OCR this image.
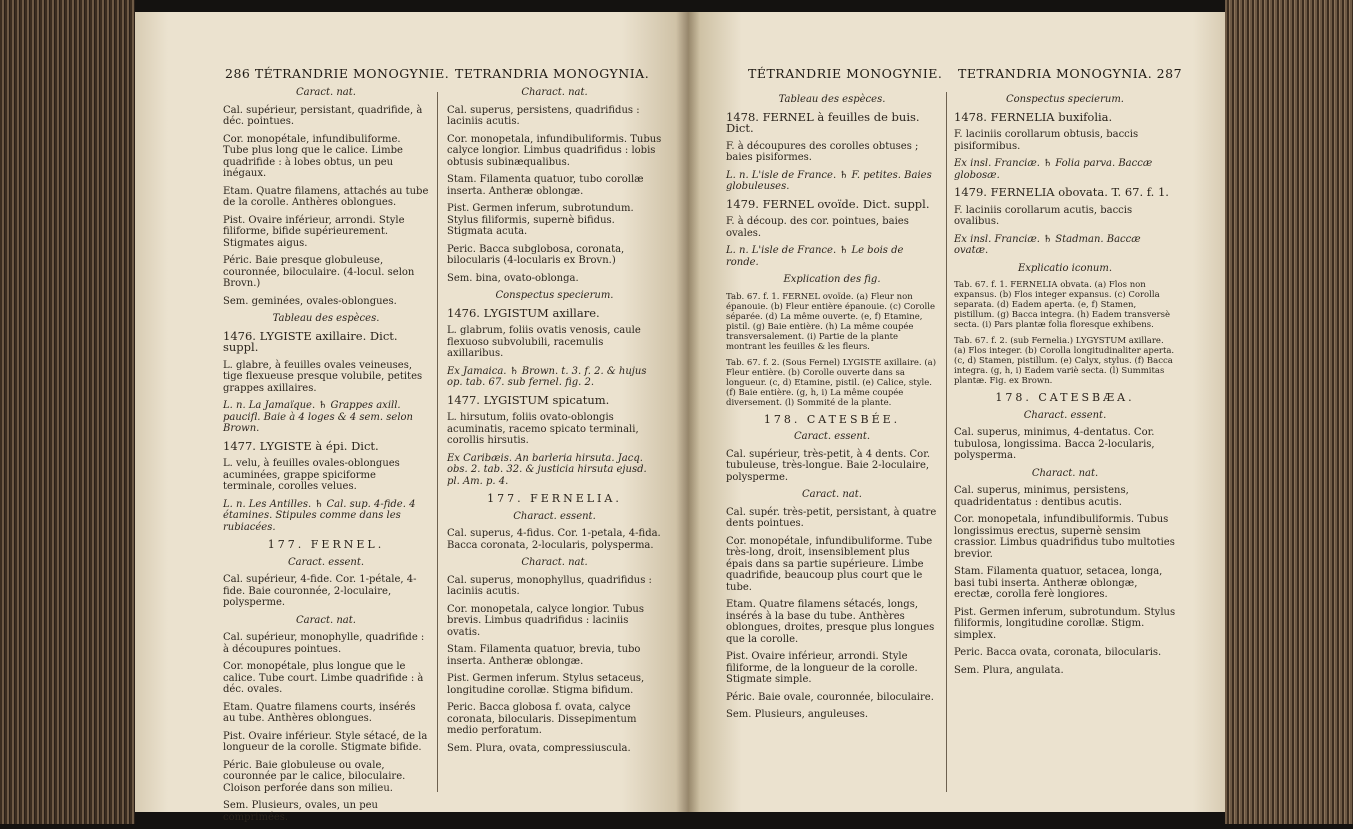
286 TÉTRANDRIE MONOGYNIE. TETRANDRIA MONOGYNIA.

Caract. nat.

Cal. supérieur, persistant, quadrifide, à déc. pointues.

Cor. monopétale, infundibuliforme. Tube plus long que le calice. Limbe quadrifide : à lobes obtus, un peu inégaux.

Etam. Quatre filamens, attachés au tube de la corolle. Anthères oblongues.

Pist. Ovaire inférieur, arrondi. Style filiforme, bifide supérieurement. Stigmates aigus.

Péric. Baie presque globuleuse, couronnée, biloculaire. (4-locul. selon Brovn.)

Sem. geminées, ovales-oblongues.

Tableau des espèces.

1476. LYGISTE axillaire. Dict. suppl.

L. glabre, à feuilles ovales veineuses, tige flexueuse presque volubile, petites grappes axillaires.

L. n. La Jamaïque. ♄ Grappes axill. paucifl. Baie à 4 loges & 4 sem. selon Brown.

1477. LYGISTE à épi. Dict.

L. velu, à feuilles ovales-oblongues acuminées, grappe spiciforme terminale, corolles velues.

L. n. Les Antilles. ♄ Cal. sup. 4-fide. 4 étamines. Stipules comme dans les rubiacées.

177. FERNEL.

Caract. essent.

Cal. supérieur, 4-fide. Cor. 1-pétale, 4-fide. Baie couronnée, 2-loculaire, polysperme.

Caract. nat.

Cal. supérieur, monophylle, quadrifide : à découpures pointues.

Cor. monopétale, plus longue que le calice. Tube court. Limbe quadrifide : à déc. ovales.

Etam. Quatre filamens courts, insérés au tube. Anthères oblongues.

Pist. Ovaire inférieur. Style sétacé, de la longueur de la corolle. Stigmate bifide.

Péric. Baie globuleuse ou ovale, couronnée par le calice, biloculaire. Cloison perforée dans son milieu.

Sem. Plusieurs, ovales, un peu comprimées.

Charact. nat.

Cal. superus, persistens, quadrifidus : laciniis acutis.

Cor. monopetala, infundibuliformis. Tubus calyce longior. Limbus quadrifidus : lobis obtusis subinæqualibus.

Stam. Filamenta quatuor, tubo corollæ inserta. Antheræ oblongæ.

Pist. Germen inferum, subrotundum. Stylus filiformis, supernè bifidus. Stigmata acuta.

Peric. Bacca subglobosa, coronata, bilocularis (4-locularis ex Brovn.)

Sem. bina, ovato-oblonga.

Conspectus specierum.

1476. LYGISTUM axillare.

L. glabrum, foliis ovatis venosis, caule flexuoso subvolubili, racemulis axillaribus.

Ex Jamaica. ♄ Brown. t. 3. f. 2. & hujus op. tab. 67. sub fernel. fig. 2.

1477. LYGISTUM spicatum.

L. hirsutum, foliis ovato-oblongis acuminatis, racemo spicato terminali, corollis hirsutis.

Ex Caribæis. An barleria hirsuta. Jacq. obs. 2. tab. 32. & justicia hirsuta ejusd. pl. Am. p. 4.

177. FERNELIA.

Charact. essent.

Cal. superus, 4-fidus. Cor. 1-petala, 4-fida. Bacca coronata, 2-locularis, polysperma.

Charact. nat.

Cal. superus, monophyllus, quadrifidus : laciniis acutis.

Cor. monopetala, calyce longior. Tubus brevis. Limbus quadrifidus : laciniis ovatis.

Stam. Filamenta quatuor, brevia, tubo inserta. Antheræ oblongæ.

Pist. Germen inferum. Stylus setaceus, longitudine corollæ. Stigma bifidum.

Peric. Bacca globosa f. ovata, calyce coronata, bilocularis. Dissepimentum medio perforatum.

Sem. Plura, ovata, compressiuscula.

TÉTRANDRIE MONOGYNIE. TETRANDRIA MONOGYNIA. 287

Tableau des espèces.

1478. FERNEL à feuilles de buis. Dict.

F. à découpures des corolles obtuses ; baies pisiformes.

L. n. L'isle de France. ♄ F. petites. Baies globuleuses.

1479. FERNEL ovoïde. Dict. suppl.

F. à découp. des cor. pointues, baies ovales.

L. n. L'isle de France. ♄ Le bois de ronde.

Explication des fig.

Tab. 67. f. 1. FERNEL ovoïde. (a) Fleur non épanouie. (b) Fleur entière épanouie. (c) Corolle séparée. (d) La même ouverte. (e, f) Etamine, pistil. (g) Baie entière. (h) La même coupée transversalement. (i) Partie de la plante montrant les feuilles & les fleurs.

Tab. 67. f. 2. (Sous Fernel) LYGISTE axillaire. (a) Fleur entière. (b) Corolle ouverte dans sa longueur. (c, d) Etamine, pistil. (e) Calice, style. (f) Baie entière. (g, h, i) La même coupée diversement. (l) Sommité de la plante.

178. CATESBÉE.

Caract. essent.

Cal. supérieur, très-petit, à 4 dents. Cor. tubuleuse, très-longue. Baie 2-loculaire, polysperme.

Caract. nat.

Cal. supér. très-petit, persistant, à quatre dents pointues.

Cor. monopétale, infundibuliforme. Tube très-long, droit, insensiblement plus épais dans sa partie supérieure. Limbe quadrifide, beaucoup plus court que le tube.

Etam. Quatre filamens sétacés, longs, insérés à la base du tube. Anthères oblongues, droites, presque plus longues que la corolle.

Pist. Ovaire inférieur, arrondi. Style filiforme, de la longueur de la corolle. Stigmate simple.

Péric. Baie ovale, couronnée, biloculaire.

Sem. Plusieurs, anguleuses.

Conspectus specierum.

1478. FERNELIA buxifolia.

F. laciniis corollarum obtusis, baccis pisiformibus.

Ex insl. Franciæ. ♄ Folia parva. Baccæ globosæ.

1479. FERNELIA obovata. T. 67. f. 1.

F. laciniis corollarum acutis, baccis ovalibus.

Ex insl. Franciæ. ♄ Stadman. Baccæ ovatæ.

Explicatio iconum.

Tab. 67. f. 1. FERNELIA obvata. (a) Flos non expansus. (b) Flos integer expansus. (c) Corolla separata. (d) Eadem aperta. (e, f) Stamen, pistillum. (g) Bacca integra. (h) Eadem transversè secta. (i) Pars plantæ folia floresque exhibens.

Tab. 67. f. 2. (sub Fernelia.) LYGYSTUM axillare. (a) Flos integer. (b) Corolla longitudinaliter aperta. (c, d) Stamen, pistillum. (e) Calyx, stylus. (f) Bacca integra. (g, h, i) Eadem variè secta. (l) Summitas plantæ. Fig. ex Brown.

178. CATESBÆA.

Charact. essent.

Cal. superus, minimus, 4-dentatus. Cor. tubulosa, longissima. Bacca 2-locularis, polysperma.

Charact. nat.

Cal. superus, minimus, persistens, quadridentatus : dentibus acutis.

Cor. monopetala, infundibuliformis. Tubus longissimus erectus, supernè sensim crassior. Limbus quadrifidus tubo multoties brevior.

Stam. Filamenta quatuor, setacea, longa, basi tubi inserta. Antheræ oblongæ, erectæ, corolla ferè longiores.

Pist. Germen inferum, subrotundum. Stylus filiformis, longitudine corollæ. Stigm. simplex.

Peric. Bacca ovata, coronata, bilocularis.

Sem. Plura, angulata.
